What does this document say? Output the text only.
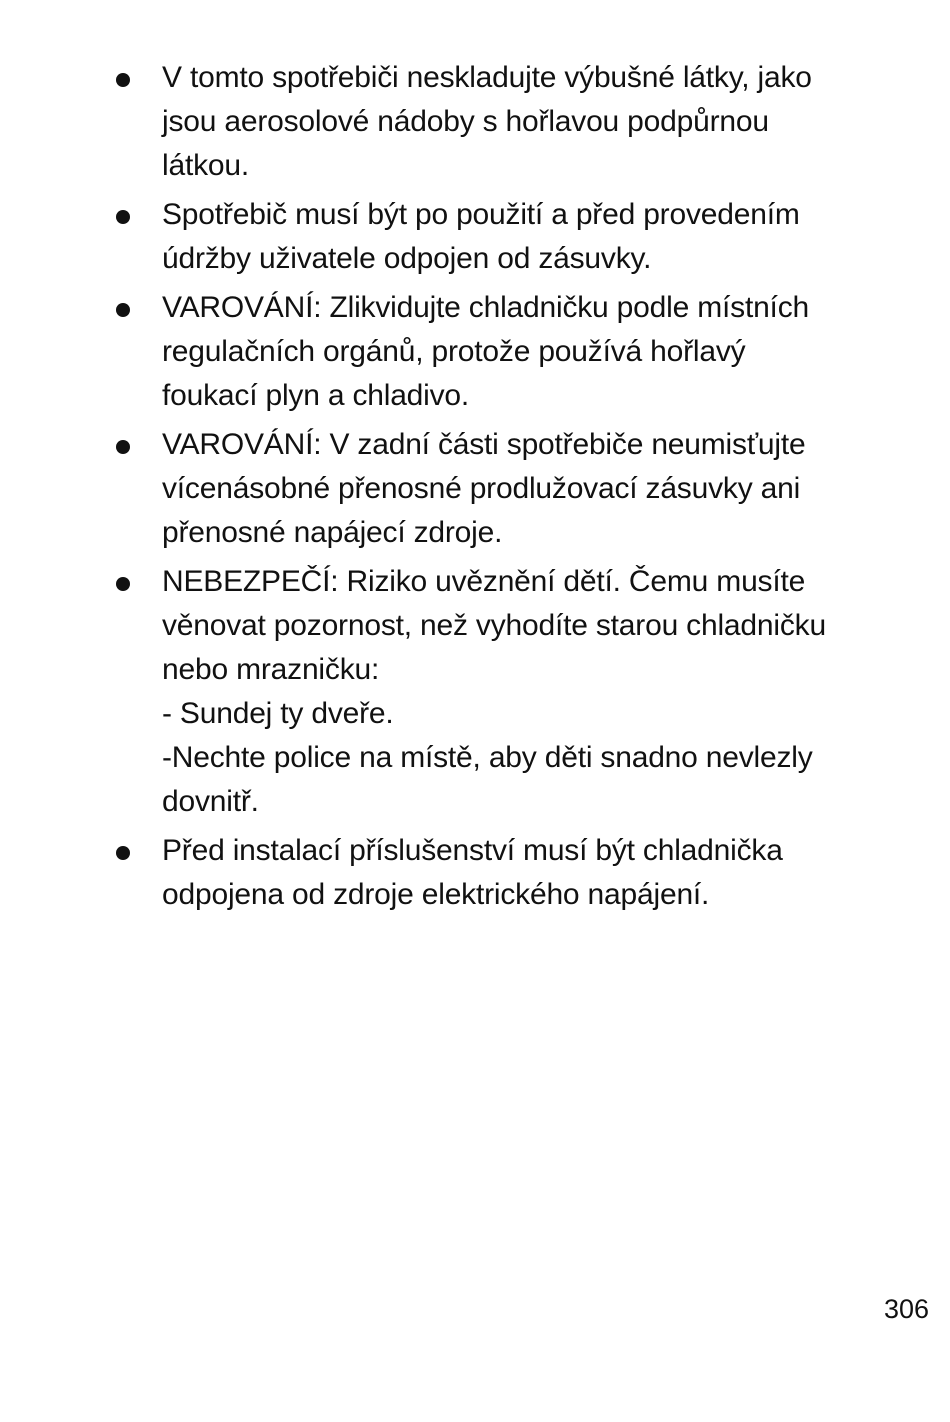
V tomto spotřebiči neskladujte výbušné látky, jako
jsou aerosolové nádoby s hořlavou podpůrnou
látkou.
Spotřebič musí být po použití a před provedením
údržby uživatele odpojen od zásuvky.
VAROVÁNÍ: Zlikvidujte chladničku podle místních
regulačních orgánů, protože používá hořlavý
foukací plyn a chladivo.
VAROVÁNÍ: V zadní části spotřebiče neumisťujte
vícenásobné přenosné prodlužovací zásuvky ani
přenosné napájecí zdroje.
NEBEZPEČÍ: Riziko uvěznění dětí. Čemu musíte
věnovat pozornost, než vyhodíte starou chladničku
nebo mrazničku:
- Sundej ty dveře.
-Nechte police na místě, aby děti snadno nevlezly
dovnitř.
Před instalací příslušenství musí být chladnička
odpojena od zdroje elektrického napájení.
306
